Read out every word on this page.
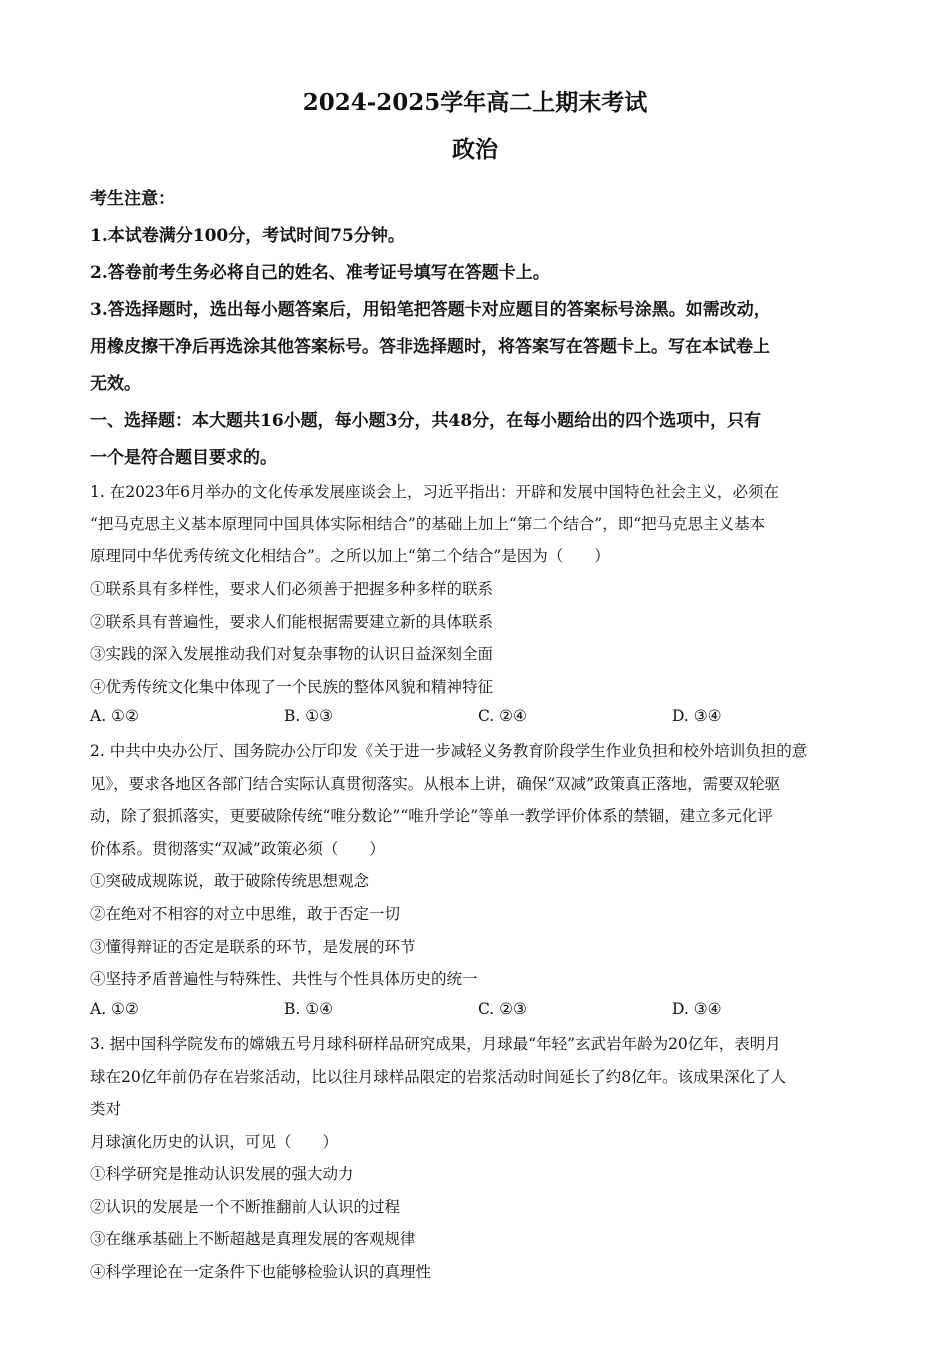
2024-2025学年高二上期末考试
政治
考生注意：
1.本试卷满分100分，考试时间75分钟。
2.答卷前考生务必将自己的姓名、准考证号填写在答题卡上。
3.答选择题时，选出每小题答案后，用铅笔把答题卡对应题目的答案标号涂黑。如需改动，
用橡皮擦干净后再选涂其他答案标号。答非选择题时，将答案写在答题卡上。写在本试卷上
无效。
一、选择题：本大题共16小题，每小题3分，共48分，在每小题给出的四个选项中，只有
一个是符合题目要求的。
1. 在2023年6月举办的文化传承发展座谈会上，习近平指出：开辟和发展中国特色社会主义，必须在
“把马克思主义基本原理同中国具体实际相结合”的基础上加上“第二个结合”，即“把马克思主义基本
原理同中华优秀传统文化相结合”。之所以加上“第二个结合”是因为（　　）
①联系具有多样性，要求人们必须善于把握多种多样的联系
②联系具有普遍性，要求人们能根据需要建立新的具体联系
③实践的深入发展推动我们对复杂事物的认识日益深刻全面
④优秀传统文化集中体现了一个民族的整体风貌和精神特征
A. ①②	B. ①③	C. ②④	D. ③④
2. 中共中央办公厅、国务院办公厅印发《关于进一步减轻义务教育阶段学生作业负担和校外培训负担的意
见》，要求各地区各部门结合实际认真贯彻落实。从根本上讲，确保“双减”政策真正落地，需要双轮驱
动，除了狠抓落实，更要破除传统“唯分数论”“唯升学论”等单一教学评价体系的禁锢，建立多元化评
价体系。贯彻落实“双减”政策必须（　　）
①突破成规陈说，敢于破除传统思想观念
②在绝对不相容的对立中思维，敢于否定一切
③懂得辩证的否定是联系的环节，是发展的环节
④坚持矛盾普遍性与特殊性、共性与个性具体历史的统一
A. ①②	B. ①④	C. ②③	D. ③④
3. 据中国科学院发布的嫦娥五号月球科研样品研究成果，月球最“年轻”玄武岩年龄为20亿年，表明月
球在20亿年前仍存在岩浆活动，比以往月球样品限定的岩浆活动时间延长了约8亿年。该成果深化了人
类对
月球演化历史的认识，可见（　　）
①科学研究是推动认识发展的强大动力
②认识的发展是一个不断推翻前人认识的过程
③在继承基础上不断超越是真理发展的客观规律
④科学理论在一定条件下也能够检验认识的真理性
